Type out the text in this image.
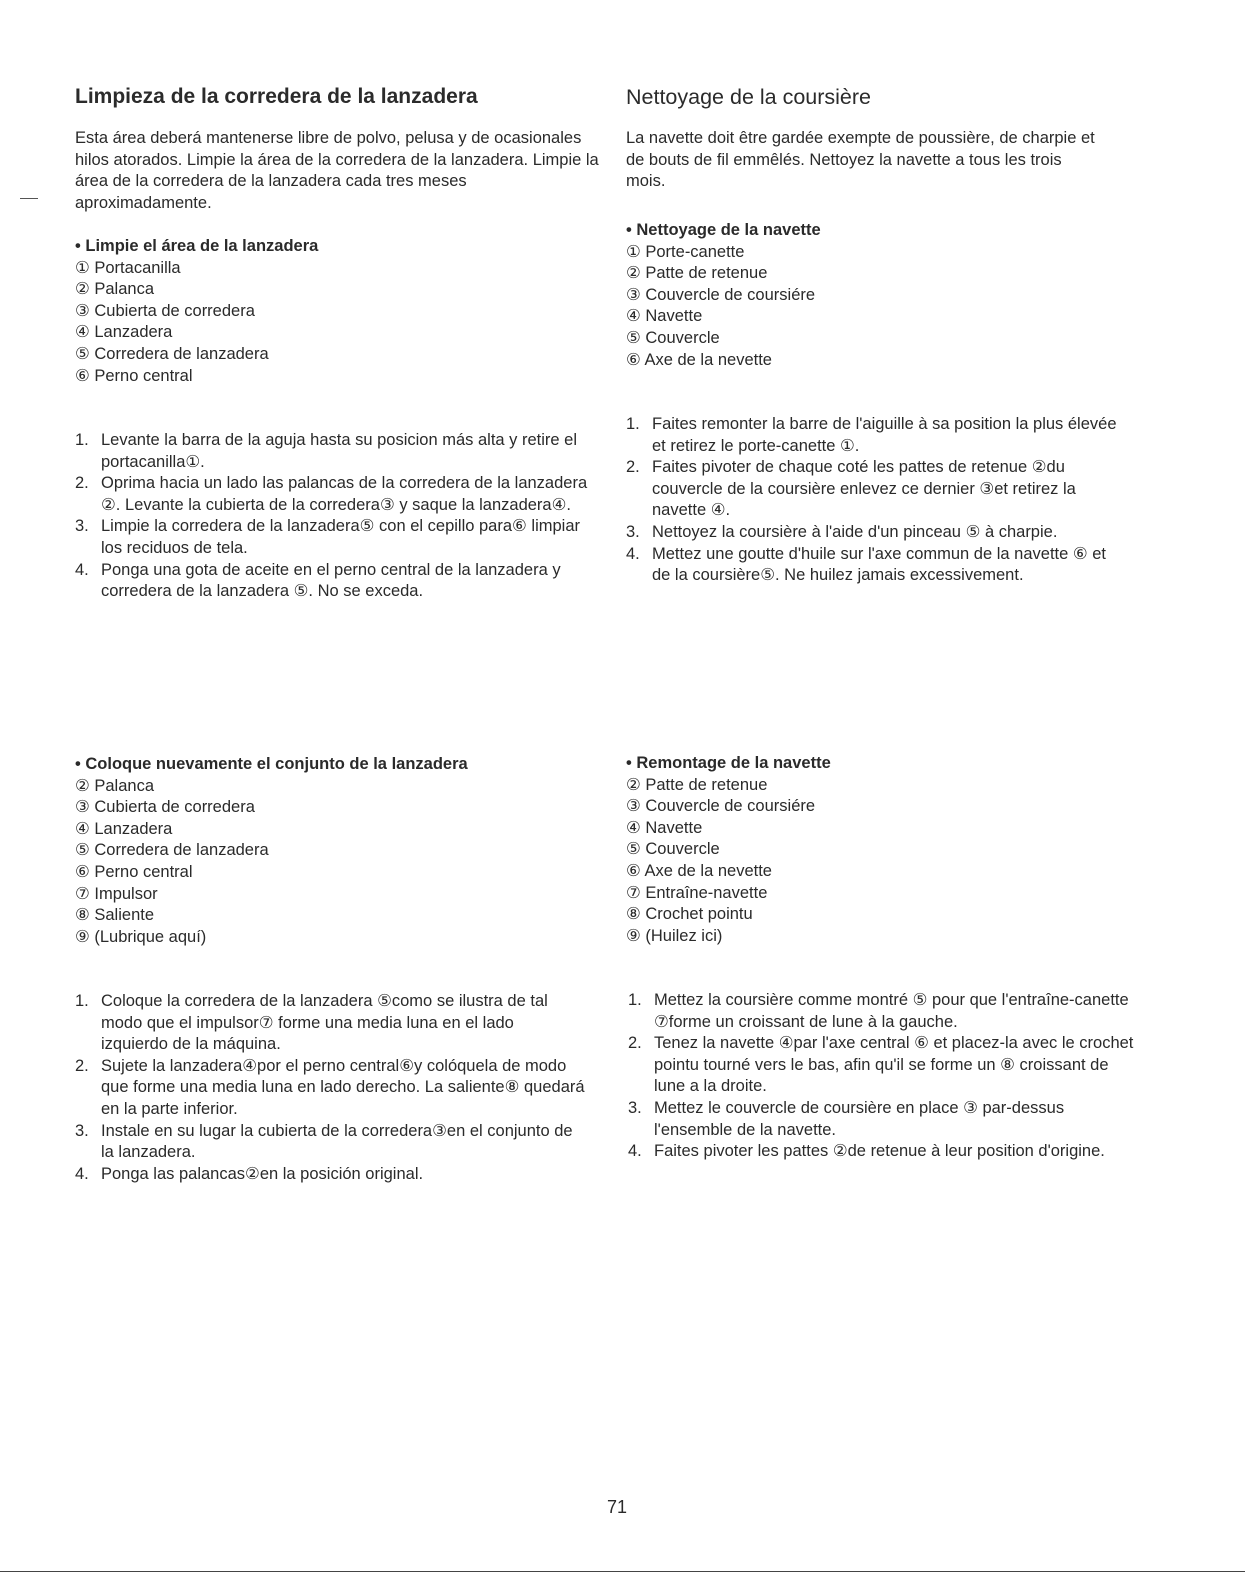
Limpieza de la corredera de la lanzadera

Esta área deberá mantenerse libre de polvo, pelusa y de ocasionales hilos atorados. Limpie la área de la corredera de la lanzadera. Limpie la área de la corredera de la lanzadera cada tres meses aproximadamente.

• Limpie el área de la lanzadera

① Portacanilla
② Palanca
③ Cubierta de corredera
④ Lanzadera
⑤ Corredera de lanzadera
⑥ Perno central
1. Levante la barra de la aguja hasta su posicion más alta y retire el portacanilla①.
2. Oprima hacia un lado las palancas de la corredera de la lanzadera ②. Levante la cubierta de la corredera③ y saque la lanzadera④.
3. Limpie la corredera de la lanzadera⑤ con el cepillo para⑥ limpiar los reciduos de tela.
4. Ponga una gota de aceite en el perno central de la lanzadera y corredera de la lanzadera ⑤. No se exceda.
Nettoyage de la coursière

La navette doit être gardée exempte de poussière, de charpie et de bouts de fil emmêlés. Nettoyez la navette a tous les trois mois.

• Nettoyage de la navette

① Porte-canette
② Patte de retenue
③ Couvercle de coursiére
④ Navette
⑤ Couvercle
⑥ Axe de la nevette
1. Faites remonter la barre de l'aiguille à sa position la plus élevée et retirez le porte-canette ①.
2. Faites pivoter de chaque coté les pattes de retenue ②du couvercle de la coursière enlevez ce dernier ③et retirez la navette ④.
3. Nettoyez la coursière à l'aide d'un pinceau ⑤ à charpie.
4. Mettez une goutte d'huile sur l'axe commun de la navette ⑥ et de la coursière⑤. Ne huilez jamais excessivement.

• Coloque nuevamente el conjunto de la lanzadera

② Palanca
③ Cubierta de corredera
④ Lanzadera
⑤ Corredera de lanzadera
⑥ Perno central
⑦ Impulsor
⑧ Saliente
⑨ (Lubrique aquí)
1. Coloque la corredera de la lanzadera ⑤como se ilustra de tal modo que el impulsor⑦ forme una media luna en el lado izquierdo de la máquina.
2. Sujete la lanzadera④por el perno central⑥y colóquela de modo que forme una media luna en lado derecho. La saliente⑧ quedará en la parte inferior.
3. Instale en su lugar la cubierta de la corredera③en el conjunto de la lanzadera.
4. Ponga las palancas②en la posición original.

• Remontage de la navette

② Patte de retenue
③ Couvercle de coursiére
④ Navette
⑤ Couvercle
⑥ Axe de la nevette
⑦ Entraîne-navette
⑧ Crochet pointu
⑨ (Huilez ici)
1. Mettez la coursière comme montré ⑤ pour que l'entraîne-canette ⑦forme un croissant de lune à la gauche.
2. Tenez la navette ④par l'axe central ⑥ et placez-la avec le crochet pointu tourné vers le bas, afin qu'il se forme un ⑧ croissant de lune a la droite.
3. Mettez le couvercle de coursière en place ③ par-dessus l'ensemble de la navette.
4. Faites pivoter les pattes ②de retenue à leur position d'origine.
71
